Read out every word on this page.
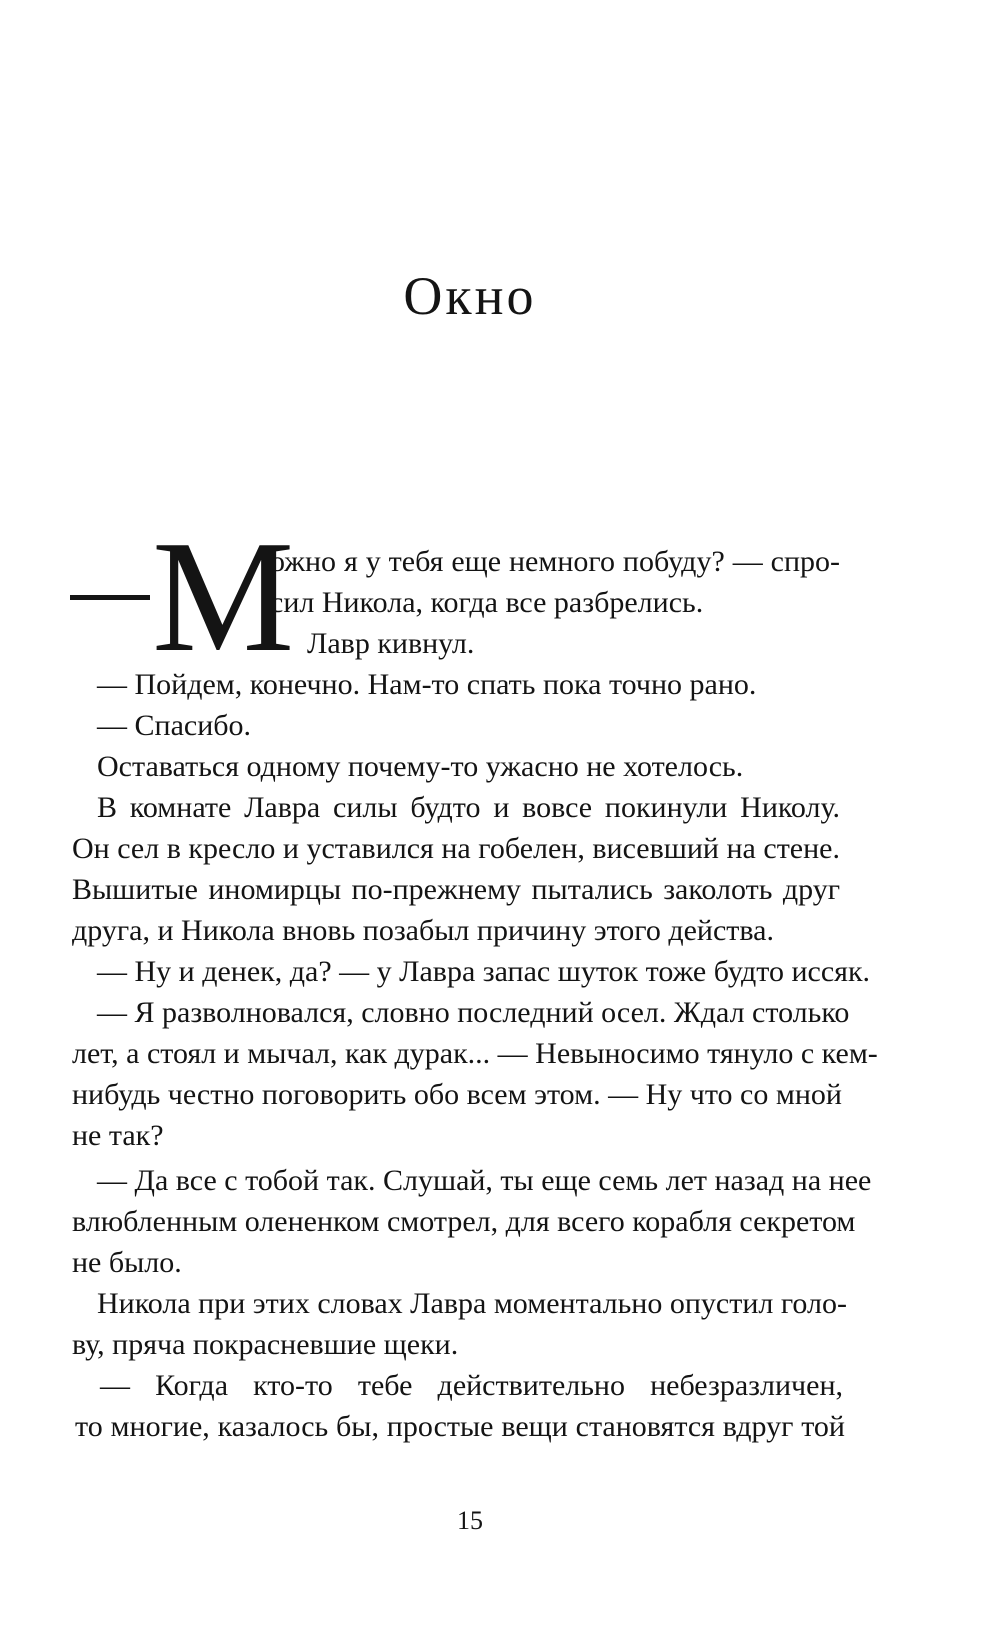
Окно
М
ожно я у тебя еще немного побуду? — спро-
сил Никола, когда все разбрелись.
Лавр кивнул.
— Пойдем, конечно. Нам-то спать пока точно рано.
— Спасибо.
Оставаться одному почему-то ужасно не хотелось.
В комнате Лавра силы будто и вовсе покинули Николу.
Он сел в кресло и уставился на гобелен, висевший на стене.
Вышитые иномирцы по-прежнему пытались заколоть друг
друга, и Никола вновь позабыл причину этого действа.
— Ну и денек, да? — у Лавра запас шуток тоже будто иссяк.
— Я разволновался, словно последний осел. Ждал столько
лет, а стоял и мычал, как дурак... — Невыносимо тянуло с кем-
нибудь честно поговорить обо всем этом. — Ну что со мной
не так?
— Да все с тобой так. Слушай, ты еще семь лет назад на нее
влюбленным олененком смотрел, для всего корабля секретом
не было.
Никола при этих словах Лавра моментально опустил голо-
ву, пряча покрасневшие щеки.
— Когда кто-то тебе действительно небезразличен,
то многие, казалось бы, простые вещи становятся вдруг той
15
